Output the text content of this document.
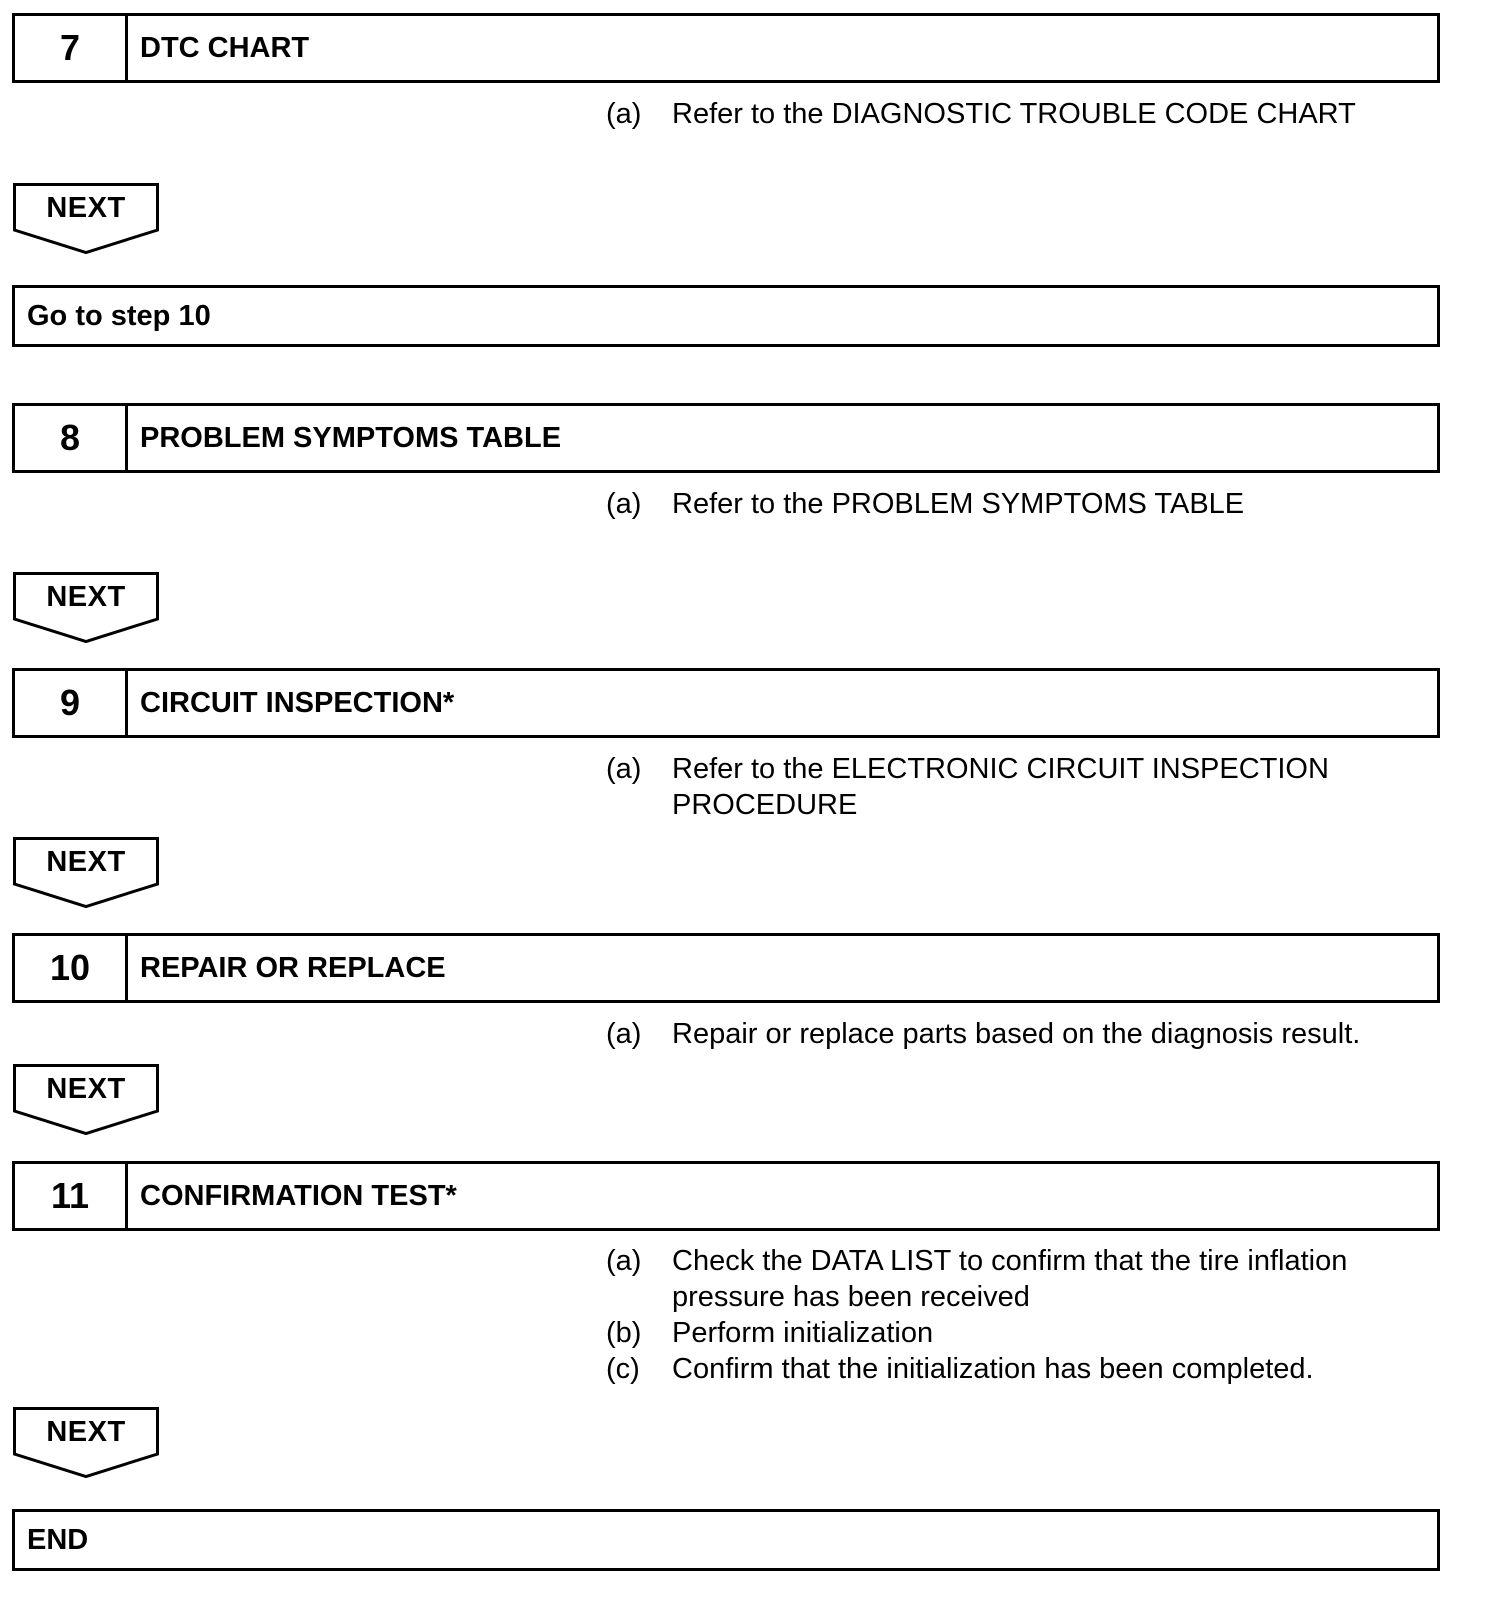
7	DTC CHART
(a)	Refer to the DIAGNOSTIC TROUBLE CODE CHART
NEXT
Go to step 10
8	PROBLEM SYMPTOMS TABLE
(a)	Refer to the PROBLEM SYMPTOMS TABLE
NEXT
9	CIRCUIT INSPECTION*
(a)	Refer to the ELECTRONIC CIRCUIT INSPECTION
PROCEDURE
NEXT
10	REPAIR OR REPLACE
(a)	Repair or replace parts based on the diagnosis result.
NEXT
11	CONFIRMATION TEST*
(a)	Check the DATA LIST to confirm that the tire inflation
pressure has been received
(b)	Perform initialization
(c)	Confirm that the initialization has been completed.
NEXT
END
